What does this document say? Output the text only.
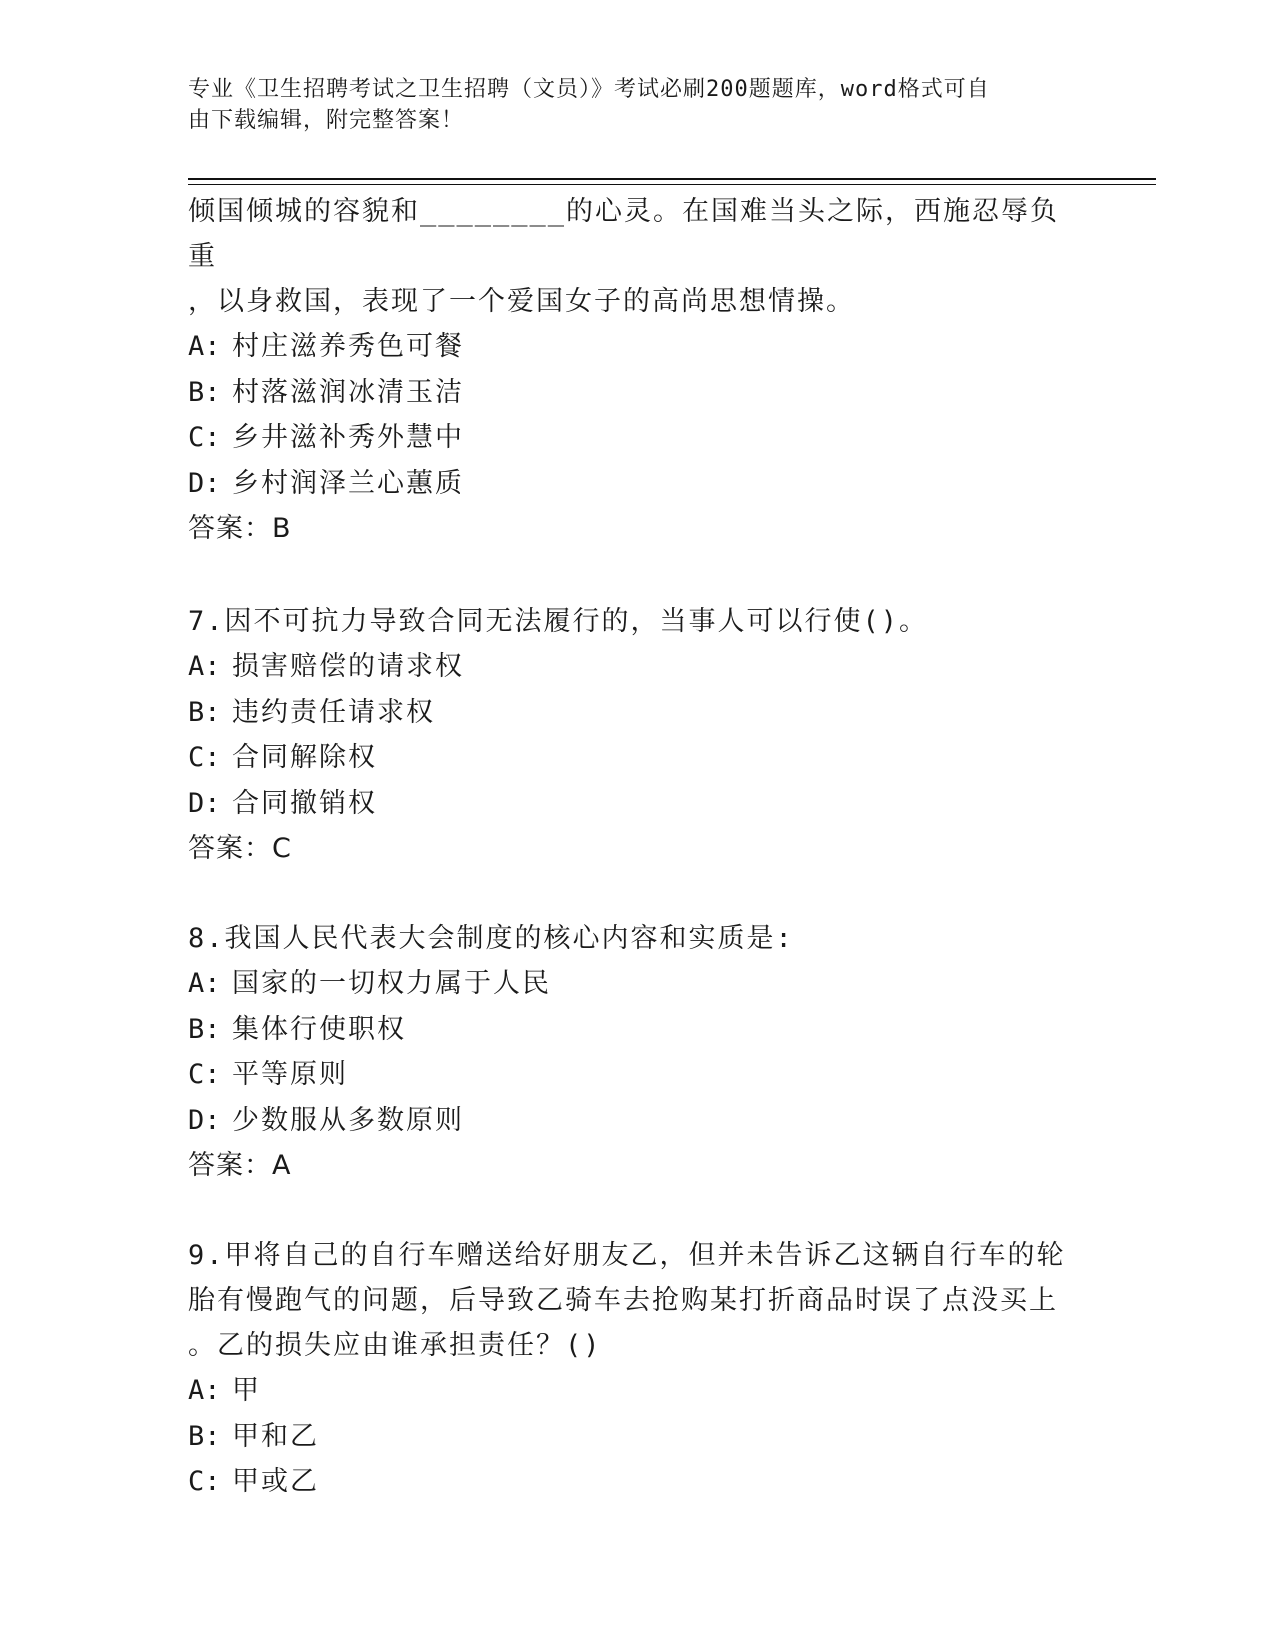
专业《卫生招聘考试之卫生招聘（文员）》考试必刷200题题库，word格式可自
由下载编辑，附完整答案！

倾国倾城的容貌和________的心灵。在国难当头之际，西施忍辱负重

，以身救国，表现了一个爱国女子的高尚思想情操。

A: 村庄滋养秀色可餐

B: 村落滋润冰清玉洁

C: 乡井滋补秀外慧中

D: 乡村润泽兰心蕙质

答案：B

7.因不可抗力导致合同无法履行的，当事人可以行使()。

A: 损害赔偿的请求权

B: 违约责任请求权

C: 合同解除权

D: 合同撤销权

答案：C

8.我国人民代表大会制度的核心内容和实质是:

A: 国家的一切权力属于人民

B: 集体行使职权

C: 平等原则

D: 少数服从多数原则

答案：A

9.甲将自己的自行车赠送给好朋友乙，但并未告诉乙这辆自行车的轮

胎有慢跑气的问题，后导致乙骑车去抢购某打折商品时误了点没买上

。乙的损失应由谁承担责任？()

A: 甲

B: 甲和乙

C: 甲或乙
